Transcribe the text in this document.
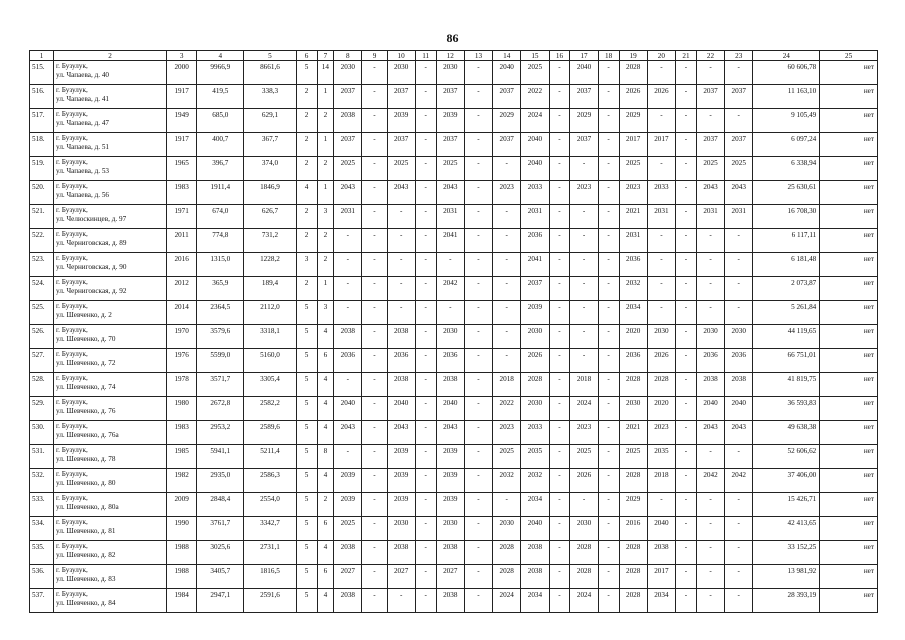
86
1	2	3	4	5	6	7	8	9	10	11	12	13	14	15	16	17	18	19	20	21	22	23	24	25
515.	г. Бузулук,
ул. Чапаева, д. 40	2000	9966,9	8661,6	5	14	2030	-	2030	-	2030	-	2040	2025	-	2040	-	2028	-	-	-	-	60 606,78	нет
516.	г. Бузулук,
ул. Чапаева, д. 41	1917	419,5	338,3	2	1	2037	-	2037	-	2037	-	2037	2022	-	2037	-	2026	2026	-	2037	2037	11 163,10	нет
517.	г. Бузулук,
ул. Чапаева, д. 47	1949	685,0	629,1	2	2	2038	-	2039	-	2039	-	2029	2024	-	2029	-	2029	-	-	-	-	9 105,49	нет
518.	г. Бузулук,
ул. Чапаева, д. 51	1917	400,7	367,7	2	1	2037	-	2037	-	2037	-	2037	2040	-	2037	-	2017	2017	-	2037	2037	6 097,24	нет
519.	г. Бузулук,
ул. Чапаева, д. 53	1965	396,7	374,0	2	2	2025	-	2025	-	2025	-	-	2040	-	-	-	2025	-	-	2025	2025	6 338,94	нет
520.	г. Бузулук,
ул. Чапаева, д. 56	1983	1911,4	1846,9	4	1	2043	-	2043	-	2043	-	2023	2033	-	2023	-	2023	2033	-	2043	2043	25 630,61	нет
521.	г. Бузулук,
ул. Челюскинцев, д. 97	1971	674,0	626,7	2	3	2031	-	-	-	2031	-	-	2031	-	-	-	2021	2031	-	2031	2031	16 708,30	нет
522.	г. Бузулук,
ул. Черниговская, д. 89	2011	774,8	731,2	2	2	-	-	-	-	2041	-	-	2036	-	-	-	2031	-	-	-	-	6 117,11	нет
523.	г. Бузулук,
ул. Черниговская, д. 90	2016	1315,0	1228,2	3	2	-	-	-	-	-	-	-	2041	-	-	-	2036	-	-	-	-	6 181,48	нет
524.	г. Бузулук,
ул. Черниговская, д. 92	2012	365,9	189,4	2	1	-	-	-	-	2042	-	-	2037	-	-	-	2032	-	-	-	-	2 073,87	нет
525.	г. Бузулук,
ул. Шевченко, д. 2	2014	2364,5	2112,0	5	3	-	-	-	-	-	-	-	2039	-	-	-	2034	-	-	-	-	5 261,84	нет
526.	г. Бузулук,
ул. Шевченко, д. 70	1970	3579,6	3318,1	5	4	2038	-	2038	-	2030	-	-	2030	-	-	-	2020	2030	-	2030	2030	44 119,65	нет
527.	г. Бузулук,
ул. Шевченко, д. 72	1976	5599,0	5160,0	5	6	2036	-	2036	-	2036	-	-	2026	-	-	-	2036	2026	-	2036	2036	66 751,01	нет
528.	г. Бузулук,
ул. Шевченко, д. 74	1978	3571,7	3305,4	5	4	-	-	2038	-	2038	-	2018	2028	-	2018	-	2028	2028	-	2038	2038	41 819,75	нет
529.	г. Бузулук,
ул. Шевченко, д. 76	1980	2672,8	2582,2	5	4	2040	-	2040	-	2040	-	2022	2030	-	2024	-	2030	2020	-	2040	2040	36 593,83	нет
530.	г. Бузулук,
ул. Шевченко, д. 76а	1983	2953,2	2589,6	5	4	2043	-	2043	-	2043	-	2023	2033	-	2023	-	2021	2023	-	2043	2043	49 638,38	нет
531.	г. Бузулук,
ул. Шевченко, д. 78	1985	5941,1	5211,4	5	8	-	-	2039	-	2039	-	2025	2035	-	2025	-	2025	2035	-	-	-	52 606,62	нет
532.	г. Бузулук,
ул. Шевченко, д. 80	1982	2935,0	2586,3	5	4	2039	-	2039	-	2039	-	2032	2032	-	2026	-	2028	2018	-	2042	2042	37 406,00	нет
533.	г. Бузулук,
ул. Шевченко, д. 80а	2009	2848,4	2554,0	5	2	2039	-	2039	-	2039	-	-	2034	-	-	-	2029	-	-	-	-	15 426,71	нет
534.	г. Бузулук,
ул. Шевченко, д. 81	1990	3761,7	3342,7	5	6	2025	-	2030	-	2030	-	2030	2040	-	2030	-	2016	2040	-	-	-	42 413,65	нет
535.	г. Бузулук,
ул. Шевченко, д. 82	1988	3025,6	2731,1	5	4	2038	-	2038	-	2038	-	2028	2038	-	2028	-	2028	2038	-	-	-	33 152,25	нет
536.	г. Бузулук,
ул. Шевченко, д. 83	1988	3405,7	1816,5	5	6	2027	-	2027	-	2027	-	2028	2038	-	2028	-	2028	2017	-	-	-	13 981,92	нет
537.	г. Бузулук,
ул. Шевченко, д. 84	1984	2947,1	2591,6	5	4	2038	-	-	-	2038	-	2024	2034	-	2024	-	2028	2034	-	-	-	28 393,19	нет
